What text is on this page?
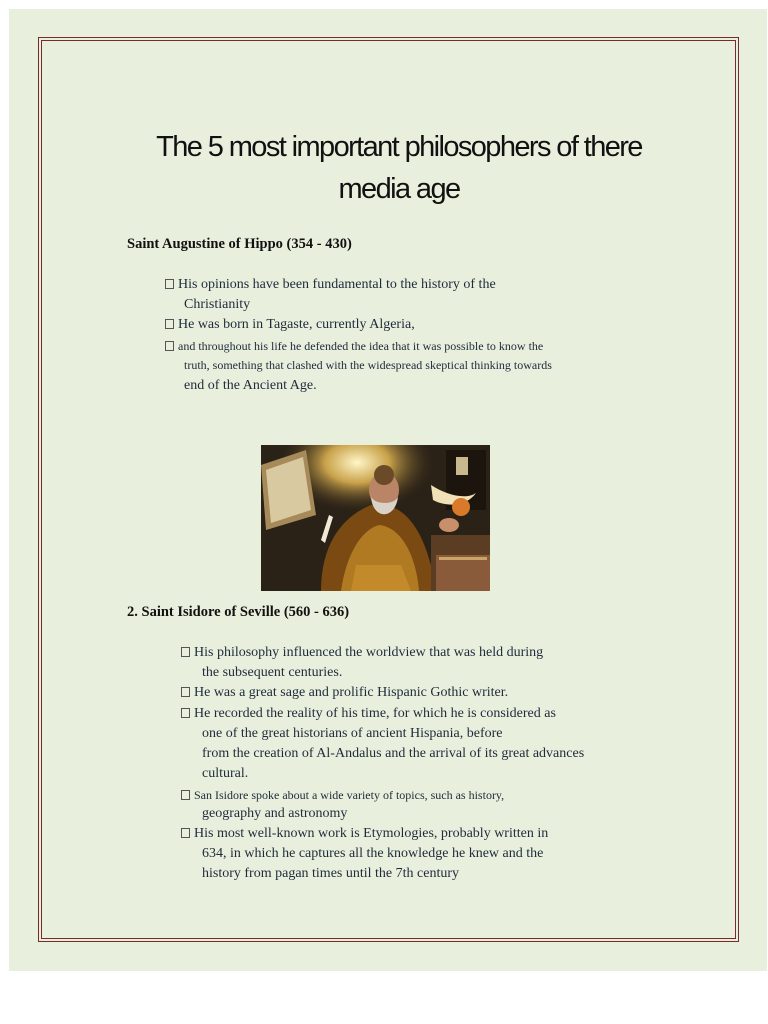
The 5 most important philosophers of there
media age
Saint Augustine of Hippo (354 - 430)
His opinions have been fundamental to the history of the
Christianity
He was born in Tagaste, currently Algeria,
and throughout his life he defended the idea that it was possible to know the
truth, something that clashed with the widespread skeptical thinking towards
end of the Ancient Age.
2. Saint Isidore of Seville (560 - 636)
His philosophy influenced the worldview that was held during
the subsequent centuries.
He was a great sage and prolific Hispanic Gothic writer.
He recorded the reality of his time, for which he is considered as
one of the great historians of ancient Hispania, before
from the creation of Al-Andalus and the arrival of its great advances
cultural.
San Isidore spoke about a wide variety of topics, such as history,
geography and astronomy
His most well-known work is Etymologies, probably written in
634, in which he captures all the knowledge he knew and the
history from pagan times until the 7th century
